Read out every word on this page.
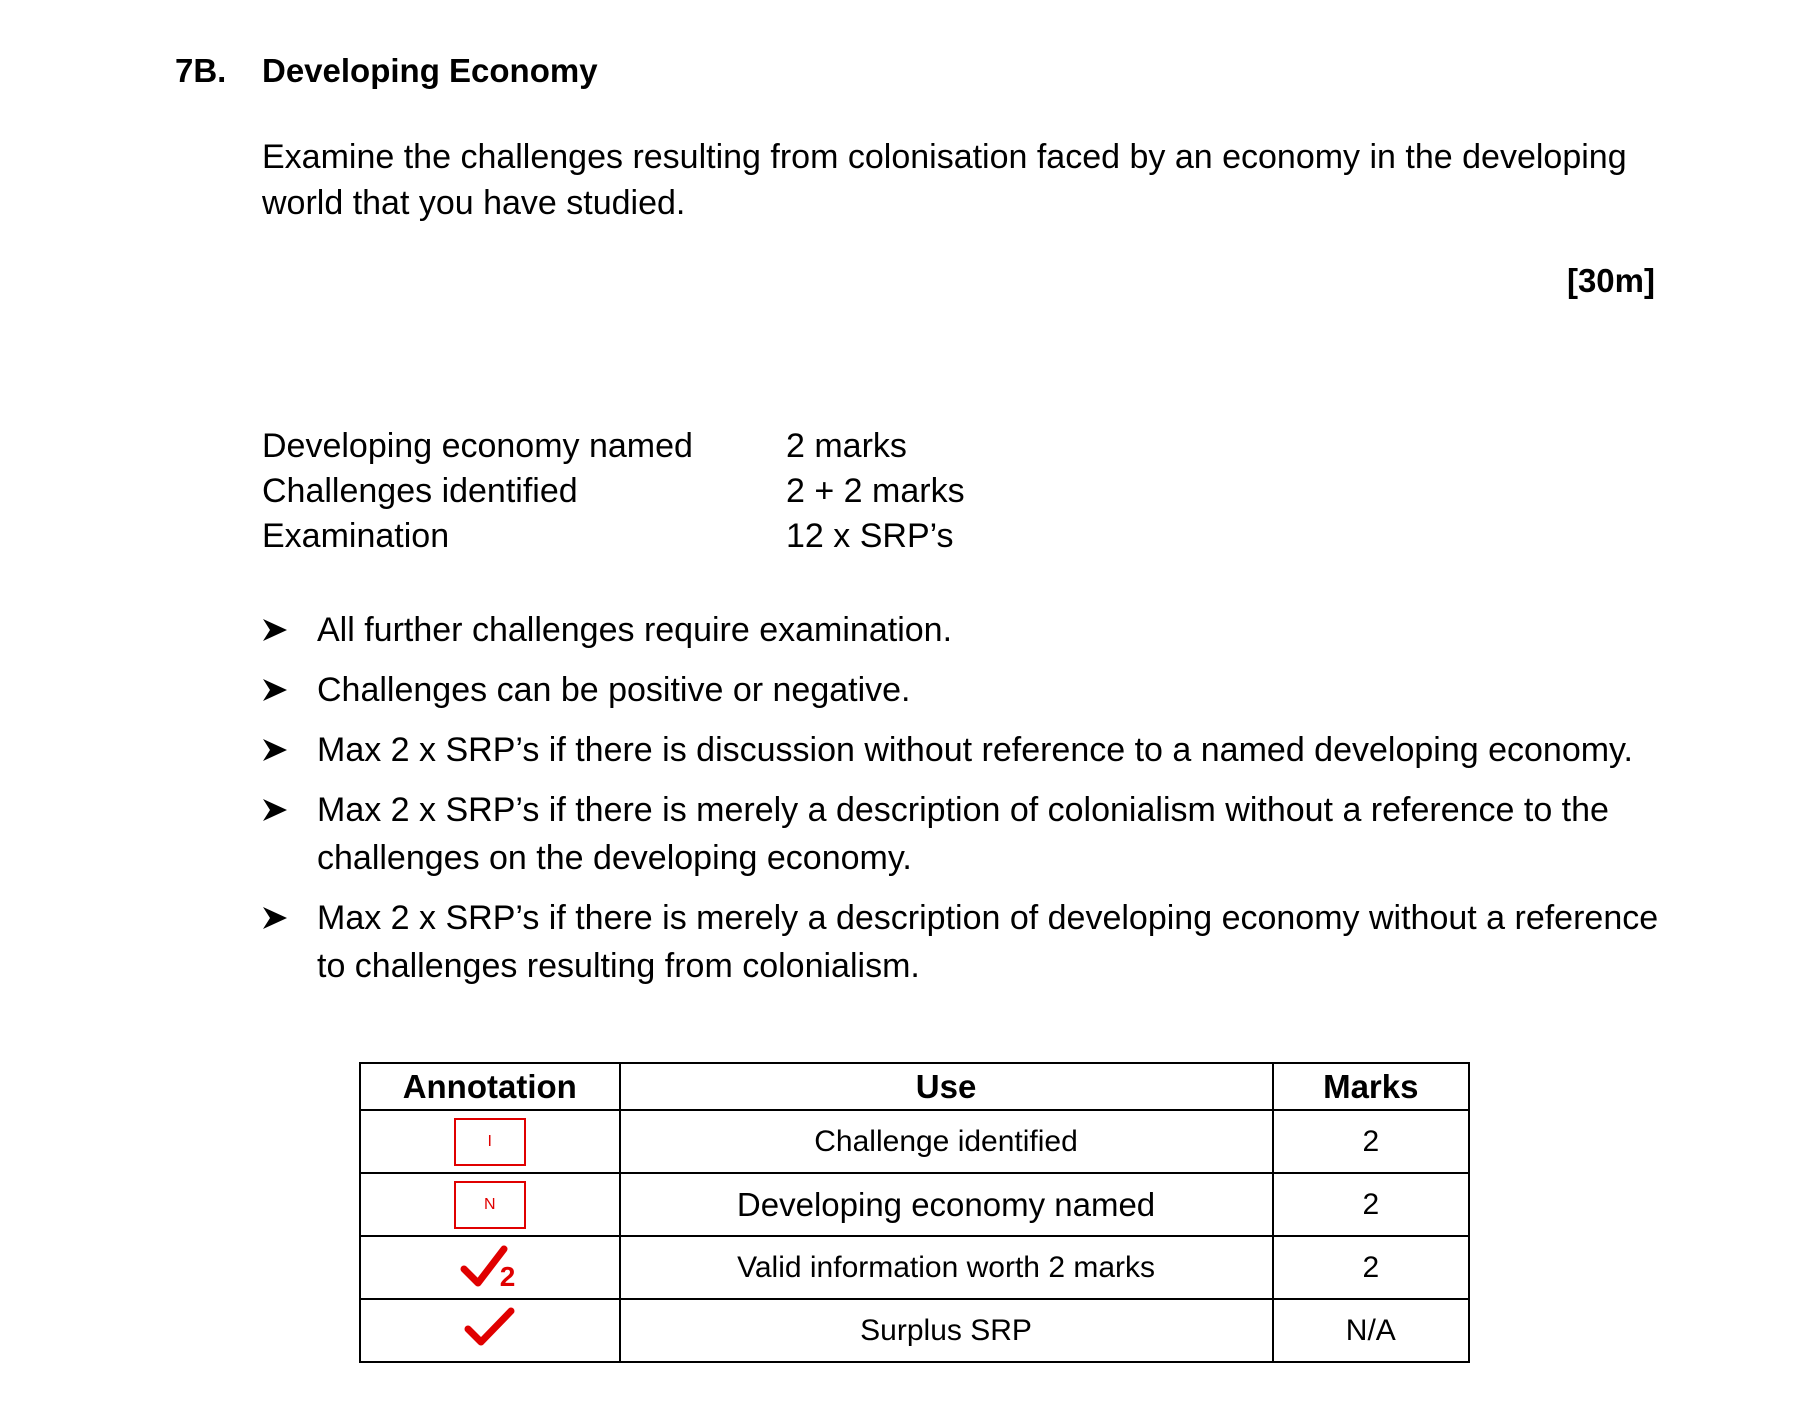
7B. Developing Economy
Examine the challenges resulting from colonisation faced by an economy in the developing world that you have studied.
[30m]
Developing economy named	2 marks
Challenges identified	2 + 2 marks
Examination	12 x SRP’s
All further challenges require examination.
Challenges can be positive or negative.
Max 2 x SRP’s if there is discussion without reference to a named developing economy.
Max 2 x SRP’s if there is merely a description of colonialism without a reference to the challenges on the developing economy.
Max 2 x SRP’s if there is merely a description of developing economy without a reference to challenges resulting from colonialism.
Annotation	Use	Marks
I	Challenge identified	2
N	Developing economy named	2

2	Valid information worth 2 marks	2
	Surplus SRP	N/A
